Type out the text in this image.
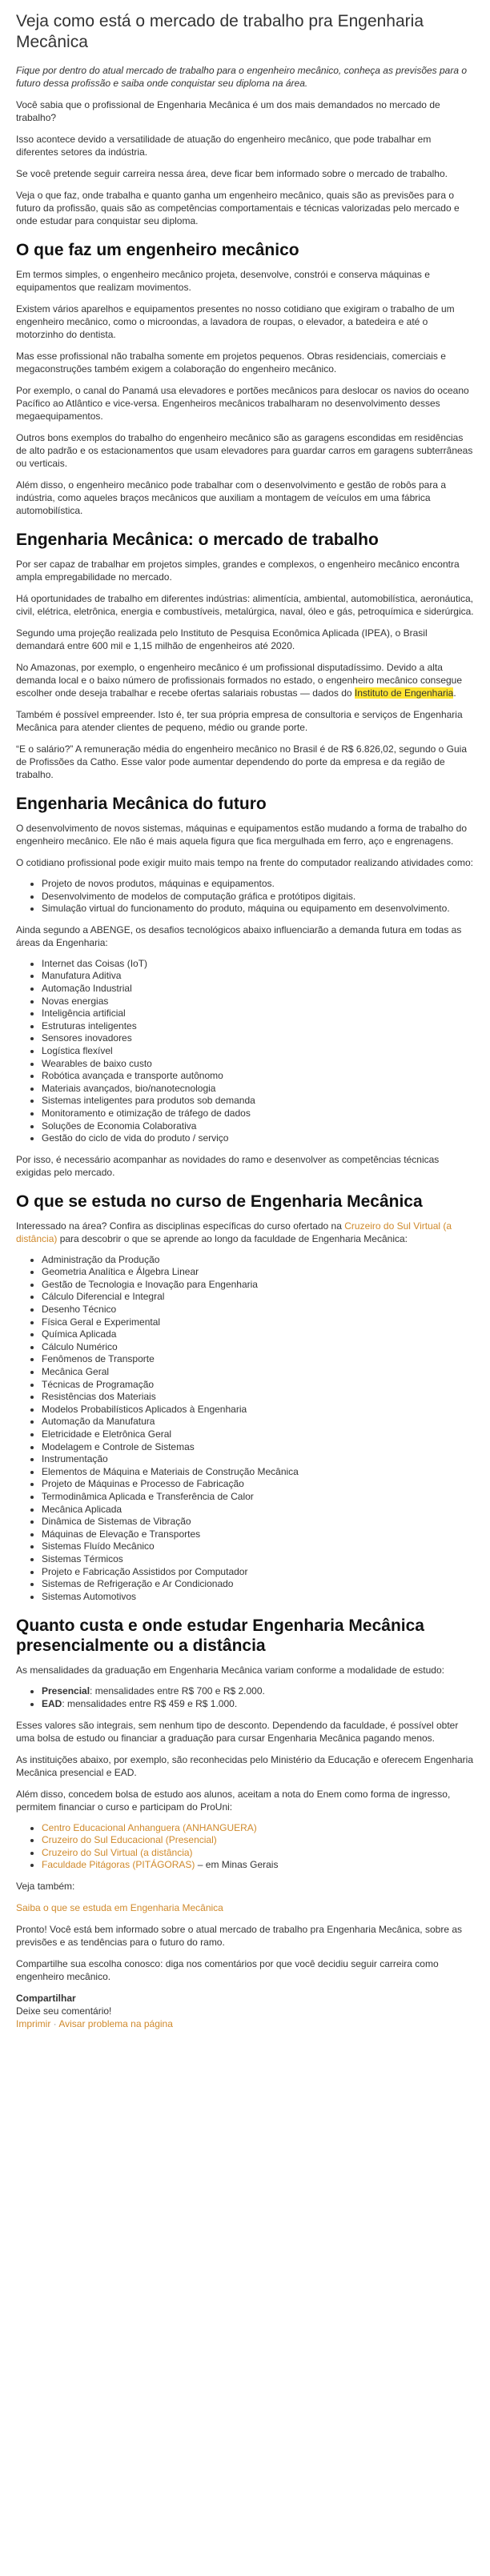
Veja como está o mercado de trabalho pra Engenharia Mecânica

Fique por dentro do atual mercado de trabalho para o engenheiro mecânico, conheça as previsões para o futuro dessa profissão e saiba onde conquistar seu diploma na área.

Você sabia que o profissional de Engenharia Mecânica é um dos mais demandados no mercado de trabalho?

Isso acontece devido a versatilidade de atuação do engenheiro mecânico, que pode trabalhar em diferentes setores da indústria.

Se você pretende seguir carreira nessa área, deve ficar bem informado sobre o mercado de trabalho.

Veja o que faz, onde trabalha e quanto ganha um engenheiro mecânico, quais são as previsões para o futuro da profissão, quais são as competências comportamentais e técnicas valorizadas pelo mercado e onde estudar para conquistar seu diploma.

O que faz um engenheiro mecânico

Em termos simples, o engenheiro mecânico projeta, desenvolve, constrói e conserva máquinas e equipamentos que realizam movimentos.

Existem vários aparelhos e equipamentos presentes no nosso cotidiano que exigiram o trabalho de um engenheiro mecânico, como o microondas, a lavadora de roupas, o elevador, a batedeira e até o motorzinho do dentista.

Mas esse profissional não trabalha somente em projetos pequenos. Obras residenciais, comerciais e megaconstruções também exigem a colaboração do engenheiro mecânico.

Por exemplo, o canal do Panamá usa elevadores e portões mecânicos para deslocar os navios do oceano Pacífico ao Atlântico e vice-versa. Engenheiros mecânicos trabalharam no desenvolvimento desses megaequipamentos.

Outros bons exemplos do trabalho do engenheiro mecânico são as garagens escondidas em residências de alto padrão e os estacionamentos que usam elevadores para guardar carros em garagens subterrâneas ou verticais.

Além disso, o engenheiro mecânico pode trabalhar com o desenvolvimento e gestão de robôs para a indústria, como aqueles braços mecânicos que auxiliam a montagem de veículos em uma fábrica automobilística.

Engenharia Mecânica: o mercado de trabalho

Por ser capaz de trabalhar em projetos simples, grandes e complexos, o engenheiro mecânico encontra ampla empregabilidade no mercado.

Há oportunidades de trabalho em diferentes indústrias: alimentícia, ambiental, automobilística, aeronáutica, civil, elétrica, eletrônica, energia e combustíveis, metalúrgica, naval, óleo e gás, petroquímica e siderúrgica.

Segundo uma projeção realizada pelo Instituto de Pesquisa Econômica Aplicada (IPEA), o Brasil demandará entre 600 mil e 1,15 milhão de engenheiros até 2020.

No Amazonas, por exemplo, o engenheiro mecânico é um profissional disputadíssimo. Devido a alta demanda local e o baixo número de profissionais formados no estado, o engenheiro mecânico consegue escolher onde deseja trabalhar e recebe ofertas salariais robustas — dados do Instituto de Engenharia.

Também é possível empreender. Isto é, ter sua própria empresa de consultoria e serviços de Engenharia Mecânica para atender clientes de pequeno, médio ou grande porte.

“E o salário?” A remuneração média do engenheiro mecânico no Brasil é de R$ 6.826,02, segundo o Guia de Profissões da Catho. Esse valor pode aumentar dependendo do porte da empresa e da região de trabalho.

Engenharia Mecânica do futuro

O desenvolvimento de novos sistemas, máquinas e equipamentos estão mudando a forma de trabalho do engenheiro mecânico. Ele não é mais aquela figura que fica mergulhada em ferro, aço e engrenagens.

O cotidiano profissional pode exigir muito mais tempo na frente do computador realizando atividades como:

• Projeto de novos produtos, máquinas e equipamentos.
• Desenvolvimento de modelos de computação gráfica e protótipos digitais.
• Simulação virtual do funcionamento do produto, máquina ou equipamento em desenvolvimento.

Ainda segundo a ABENGE, os desafios tecnológicos abaixo influenciarão a demanda futura em todas as áreas da Engenharia:

• Internet das Coisas (IoT)
• Manufatura Aditiva
• Automação Industrial
• Novas energias
• Inteligência artificial
• Estruturas inteligentes
• Sensores inovadores
• Logística flexível
• Wearables de baixo custo
• Robótica avançada e transporte autônomo
• Materiais avançados, bio/nanotecnologia
• Sistemas inteligentes para produtos sob demanda
• Monitoramento e otimização de tráfego de dados
• Soluções de Economia Colaborativa
• Gestão do ciclo de vida do produto / serviço

Por isso, é necessário acompanhar as novidades do ramo e desenvolver as competências técnicas exigidas pelo mercado.

O que se estuda no curso de Engenharia Mecânica

Interessado na área? Confira as disciplinas específicas do curso ofertado na Cruzeiro do Sul Virtual (a distância) para descobrir o que se aprende ao longo da faculdade de Engenharia Mecânica:

• Administração da Produção
• Geometria Analítica e Álgebra Linear
• Gestão de Tecnologia e Inovação para Engenharia
• Cálculo Diferencial e Integral
• Desenho Técnico
• Física Geral e Experimental
• Química Aplicada
• Cálculo Numérico
• Fenômenos de Transporte
• Mecânica Geral
• Técnicas de Programação
• Resistências dos Materiais
• Modelos Probabilísticos Aplicados à Engenharia
• Automação da Manufatura
• Eletricidade e Eletrônica Geral
• Modelagem e Controle de Sistemas
• Instrumentação
• Elementos de Máquina e Materiais de Construção Mecânica
• Projeto de Máquinas e Processo de Fabricação
• Termodinâmica Aplicada e Transferência de Calor
• Mecânica Aplicada
• Dinâmica de Sistemas de Vibração
• Máquinas de Elevação e Transportes
• Sistemas Fluído Mecânico
• Sistemas Térmicos
• Projeto e Fabricação Assistidos por Computador
• Sistemas de Refrigeração e Ar Condicionado
• Sistemas Automotivos
Quanto custa e onde estudar Engenharia Mecânica presencialmente ou a distância

As mensalidades da graduação em Engenharia Mecânica variam conforme a modalidade de estudo:

• Presencial: mensalidades entre R$ 700 e R$ 2.000.
• EAD: mensalidades entre R$ 459 e R$ 1.000.

Esses valores são integrais, sem nenhum tipo de desconto. Dependendo da faculdade, é possível obter uma bolsa de estudo ou financiar a graduação para cursar Engenharia Mecânica pagando menos.

As instituições abaixo, por exemplo, são reconhecidas pelo Ministério da Educação e oferecem Engenharia Mecânica presencial e EAD.

Além disso, concedem bolsa de estudo aos alunos, aceitam a nota do Enem como forma de ingresso, permitem financiar o curso e participam do ProUni:

• Centro Educacional Anhanguera (ANHANGUERA)
• Cruzeiro do Sul Educacional (Presencial)
• Cruzeiro do Sul Virtual (a distância)
• Faculdade Pitágoras (PITÁGORAS) – em Minas Gerais

Veja também:

Saiba o que se estuda em Engenharia Mecânica

Pronto! Você está bem informado sobre o atual mercado de trabalho pra Engenharia Mecânica, sobre as previsões e as tendências para o futuro do ramo.

Compartilhe sua escolha conosco: diga nos comentários por que você decidiu seguir carreira como engenheiro mecânico.

Compartilhar

Deixe seu comentário!

Imprimir · Avisar problema na página
